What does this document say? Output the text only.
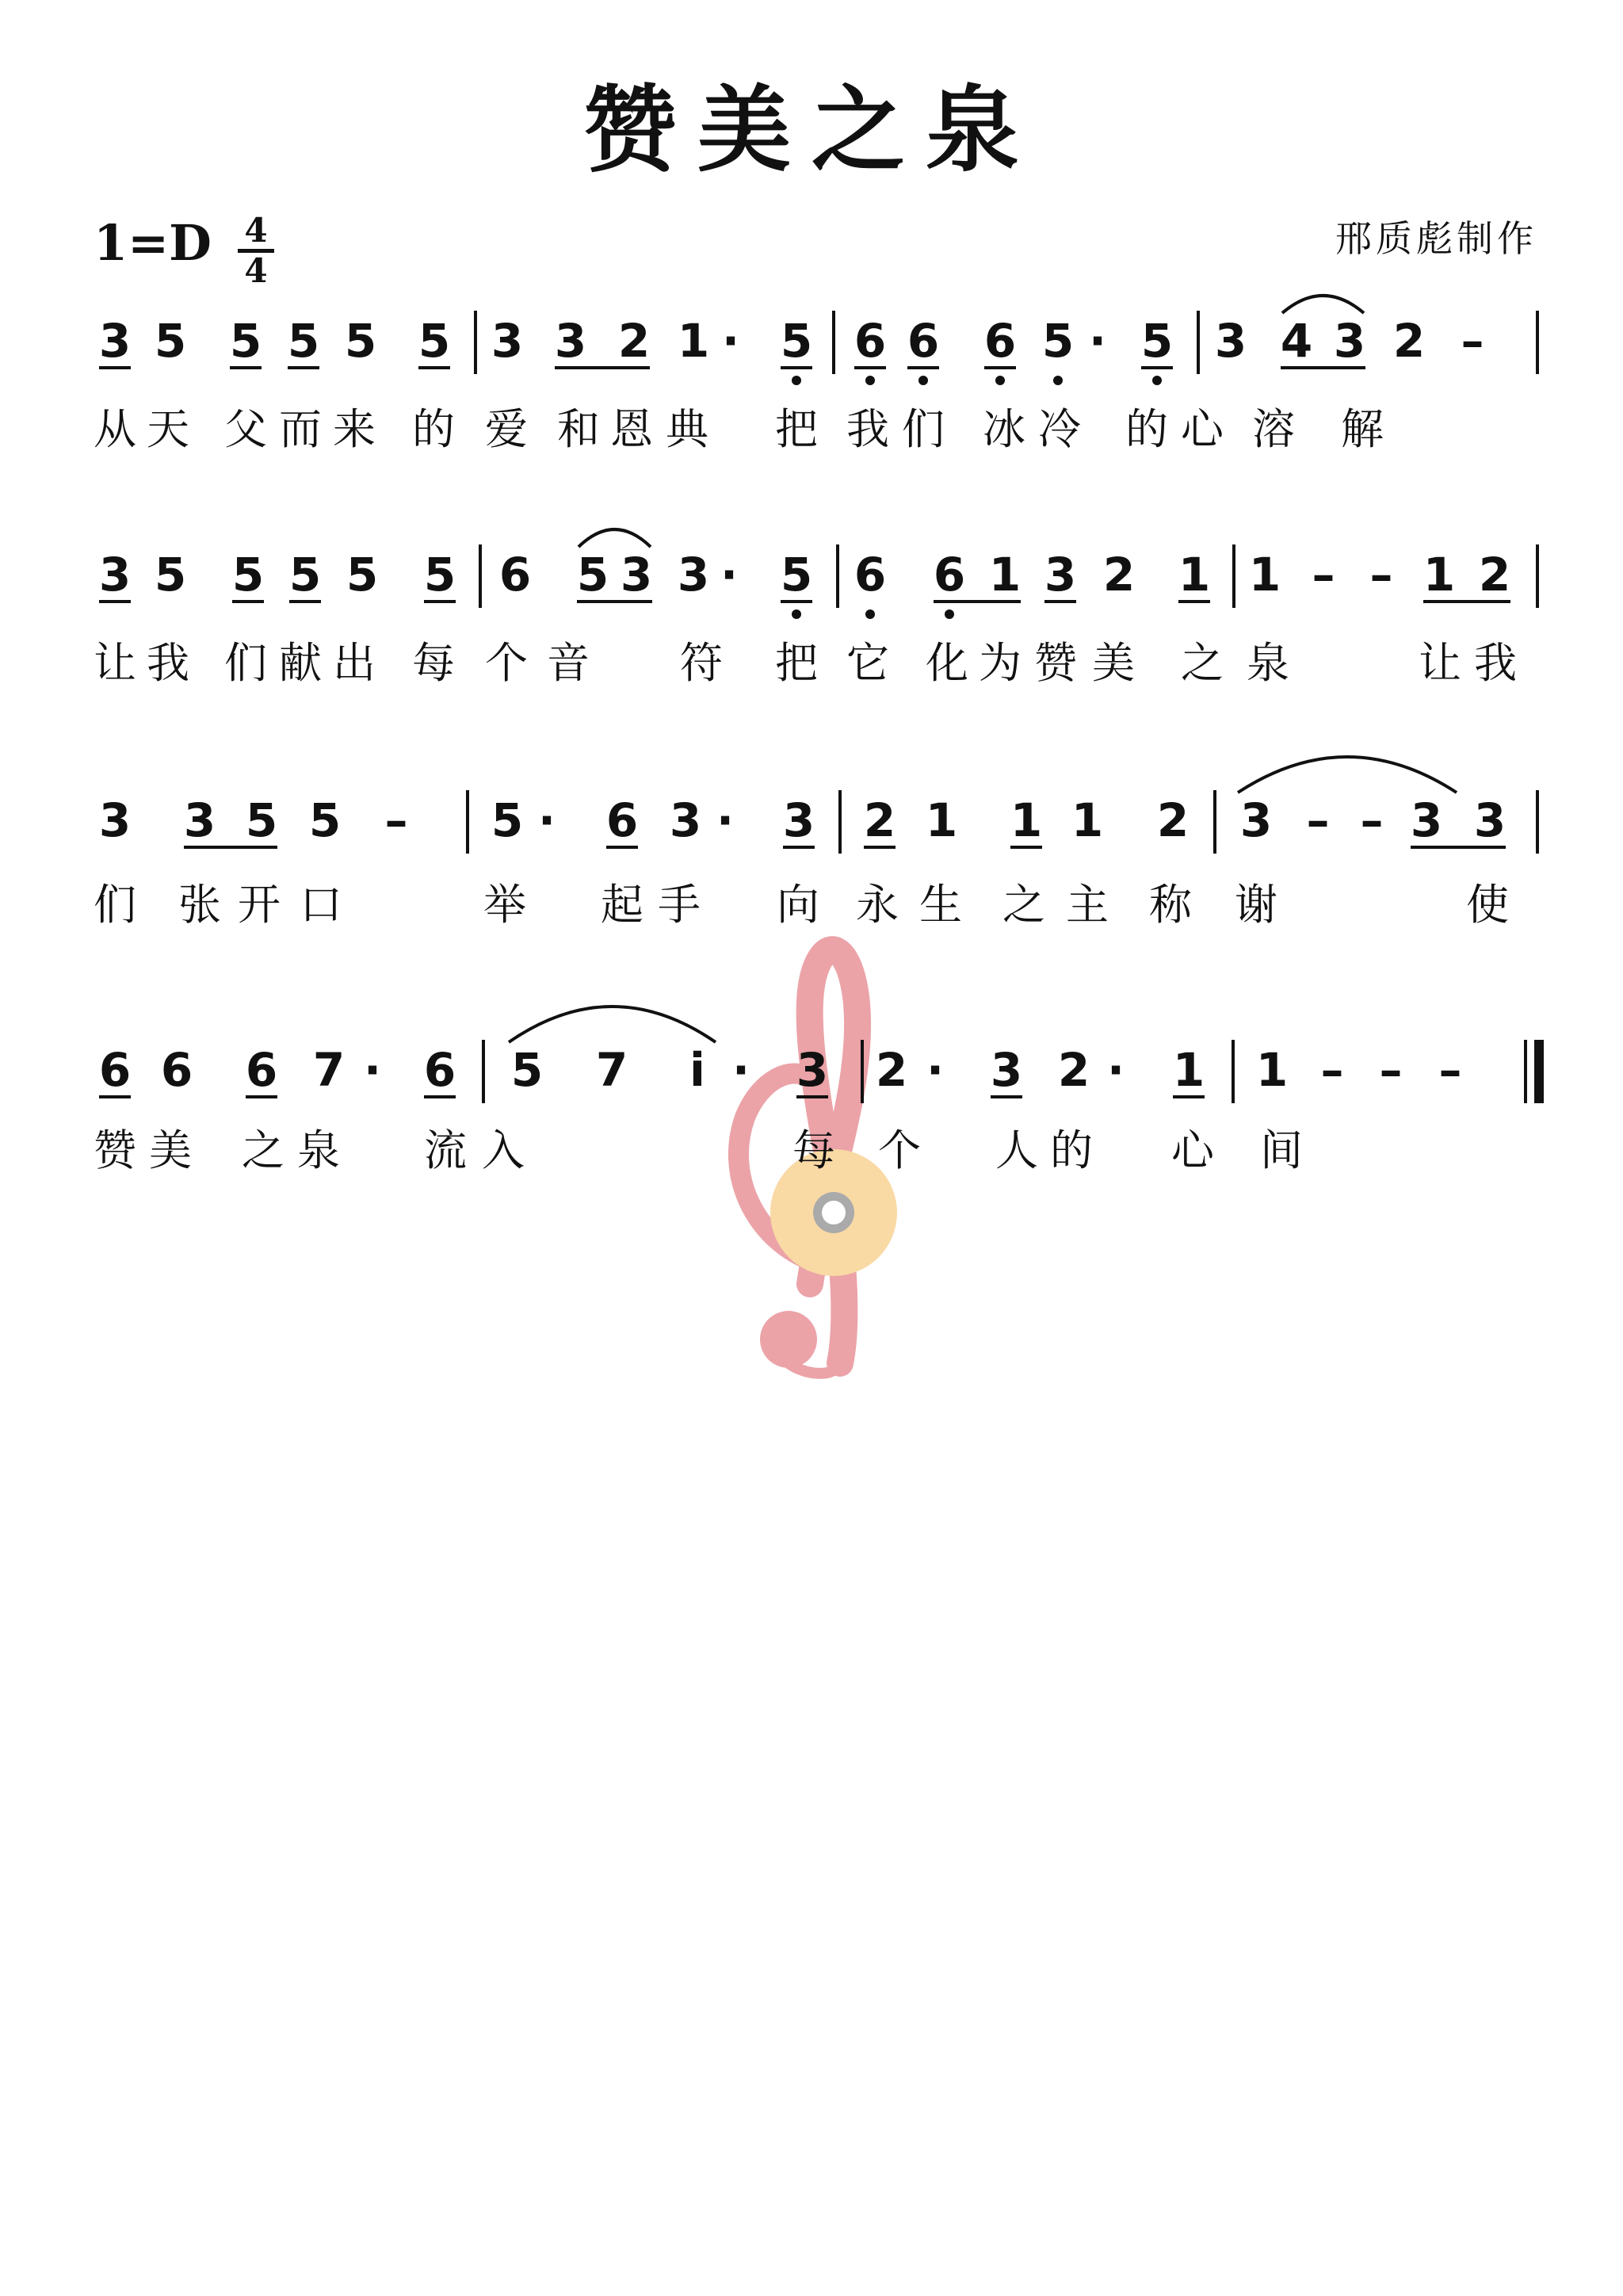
赞美之泉
1=D 4
4
邢质彪制作
3 5 5 5 5 5 3 3 2 1 · 5 6 6 6 5 · 5 3 4 3 2 –
从 天 父 而 来 的 爱 和 恩 典 把 我 们 冰 冷 的 心 溶 解
3 5 5 5 5 5 6 5 3 3 · 5 6 6 1 3 2 1 1 – – 1 2
让 我 们 献 出 每 个 音 符 把 它 化 为 赞 美 之 泉	让 我
3 3 5 5 – 5 · 6 3 · 3 2 1 1 1 2 3 – – 3 3
们 张 开 口	举 起 手 向 永 生 之 主 称 谢	使
6 6 6 7 · 6 5 7 i̇ · 3 2 · 3 2 · 1 1 – – –
赞 美 之 泉 流 入	每 个 人 的 心 间
